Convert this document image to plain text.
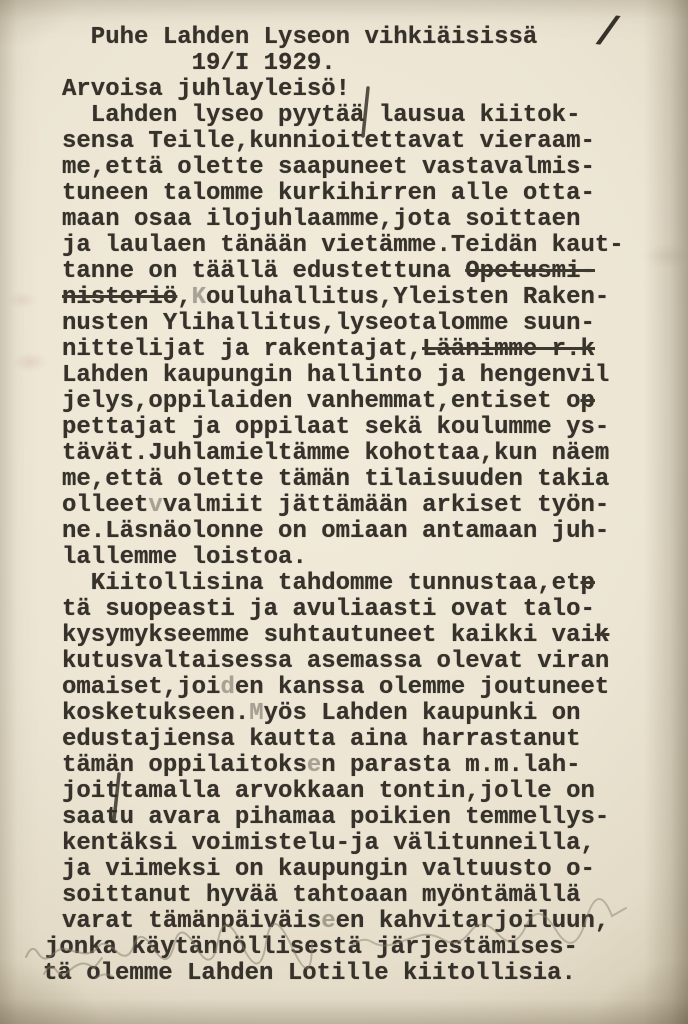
Puhe Lahden Lyseon vihkiäisissä
19/I 1929.
Arvoisa juhlayleisö!
Lahden lyseo pyytää lausua kiitok-
sensa Teille,kunnioitettavat vieraam-
me,että olette saapuneet vastavalmis-
tuneen talomme kurkihirren alle otta-
maan osaa ilojuhlaamme,jota soittaen
ja laulaen tänään vietämme.Teidän kaut-
tanne on täällä edustettuna Opetusmi-
nisteriö,Kouluhallitus,Yleisten Raken-
nusten Ylihallitus,lyseotalomme suun-
nittelijat ja rakentajat,Läänimme r.k
Lahden kaupungin hallinto ja hengenvil
jelys,oppilaiden vanhemmat,entiset op
pettajat ja oppilaat sekä koulumme ys-
tävät.Juhlamieltämme kohottaa,kun näem
me,että olette tämän tilaisuuden takia
olleetvvalmiit jättämään arkiset työn-
ne.Läsnäolonne on omiaan antamaan juh-
lallemme loistoa.
Kiitollisina tahdomme tunnustaa,etp
tä suopeasti ja avuliaasti ovat talo-
kysymykseemme suhtautuneet kaikki vaik
kutusvaltaisessa asemassa olevat viran
omaiset,joiden kanssa olemme joutuneet
kosketukseen.Myös Lahden kaupunki on
edustajiensa kautta aina harrastanut
tämän oppilaitoksen parasta m.m.lah-
joittamalla arvokkaan tontin,jolle on
saatu avara pihamaa poikien temmellys-
kentäksi voimistelu-ja välitunneilla,
ja viimeksi on kaupungin valtuusto o-
soittanut hyvää tahtoaan myöntämällä
varat tämänpäiväiseen kahvitarjoiluun,
jonka käytännöllisestä järjestämises-
tä olemme Lahden Lotille kiitollisia.
/
